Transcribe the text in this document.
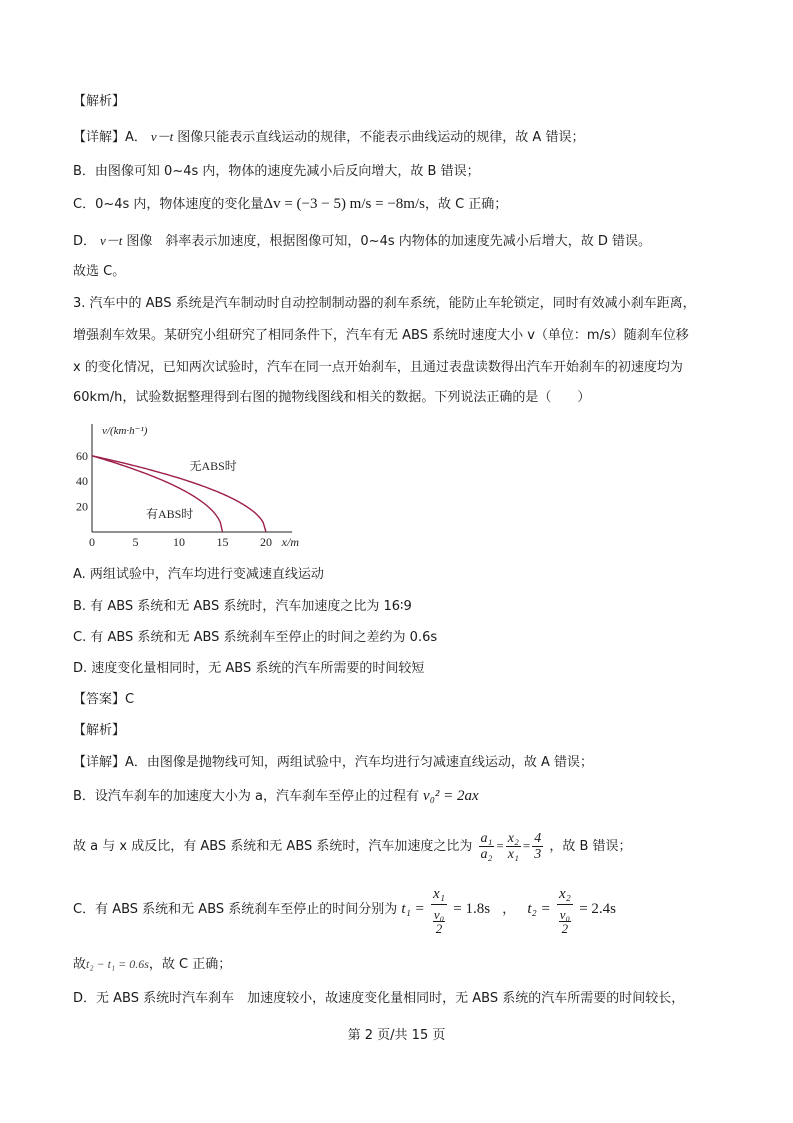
【解析】
【详解】A． v－t 图像只能表示直线运动的规律，不能表示曲线运动的规律，故 A 错误；
B．由图像可知 0~4s 内，物体的速度先减小后反向增大，故 B 错误；
C．0~4s 内，物体速度的变化量Δv = (−3 − 5) m/s = −8m/s，故 C 正确；
D． v－t 图像　斜率表示加速度，根据图像可知，0~4s 内物体的加速度先减小后增大，故 D 错误。
故选 C。
3. 汽车中的 ABS 系统是汽车制动时自动控制制动器的刹车系统，能防止车轮锁定，同时有效减小刹车距离，
增强刹车效果。某研究小组研究了相同条件下，汽车有无 ABS 系统时速度大小 v（单位：m/s）随刹车位移
x 的变化情况，已知两次试验时，汽车在同一点开始刹车，且通过表盘读数得出汽车开始刹车的初速度均为
60km/h，试验数据整理得到右图的抛物线图线和相关的数据。下列说法正确的是（　　）
0	5	10	15	20
20
40
60
v/(km·h⁻¹)
x/m
有ABS时
无ABS时
A. 两组试验中，汽车均进行变减速直线运动
B. 有 ABS 系统和无 ABS 系统时，汽车加速度之比为 16∶9
C. 有 ABS 系统和无 ABS 系统刹车至停止的时间之差约为 0.6s
D. 速度变化量相同时，无 ABS 系统的汽车所需要的时间较短
【答案】C
【解析】
【详解】A．由图像是抛物线可知，两组试验中，汽车均进行匀减速直线运动，故 A 错误；
B．设汽车刹车的加速度大小为 a，汽车刹车至停止的过程有 v₀² = 2ax
故 a 与 x 成反比，有 ABS 系统和无 ABS 系统时，汽车加速度之比为 $\frac{\text{a₁}}{\text{a₂}} = \frac{\text{x₂}}{\text{x₁}} = \frac{4}{3}$ ，故 B 错误；
C．有 ABS 系统和无 ABS 系统刹车至停止的时间分别为 $t_1 = \frac{\text{x₁}}{\frac{\text{v₀}}{2}} = 1.8s$ ， $t_2 = \frac{\text{x₂}}{\frac{\text{v₀}}{2}} = 2.4s$
故t₂ − t₁ = 0.6s，故 C 正确；
D．无 ABS 系统时汽车刹车　加速度较小，故速度变化量相同时，无 ABS 系统的汽车所需要的时间较长，
第 2 页/共 15 页
